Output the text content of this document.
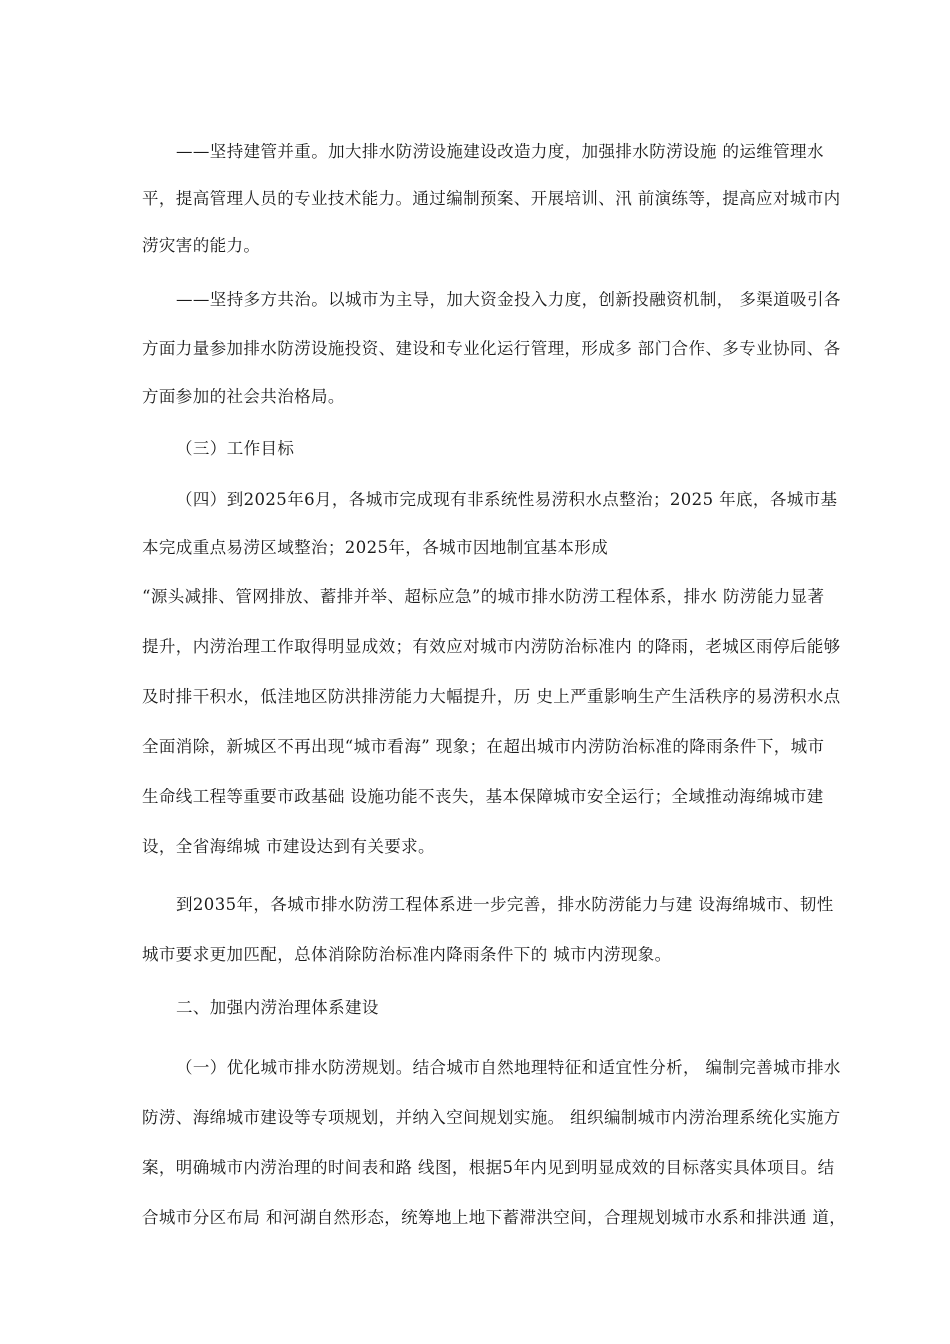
——坚持建管并重。加大排水防涝设施建设改造力度，加强排水防涝设施 的运维管理水
平，提高管理人员的专业技术能力。通过编制预案、开展培训、汛 前演练等，提高应对城市内
涝灾害的能力。
——坚持多方共治。以城市为主导，加大资金投入力度，创新投融资机制， 多渠道吸引各
方面力量参加排水防涝设施投资、建设和专业化运行管理，形成多 部门合作、多专业协同、各
方面参加的社会共治格局。
（三）工作目标
（四）到2025年6月，各城市完成现有非系统性易涝积水点整治；2025 年底，各城市基
本完成重点易涝区域整治；2025年，各城市因地制宜基本形成
“源头减排、管网排放、蓄排并举、超标应急”的城市排水防涝工程体系，排水 防涝能力显著
提升，内涝治理工作取得明显成效；有效应对城市内涝防治标准内 的降雨，老城区雨停后能够
及时排干积水，低洼地区防洪排涝能力大幅提升，历 史上严重影响生产生活秩序的易涝积水点
全面消除，新城区不再出现“城市看海” 现象；在超出城市内涝防治标准的降雨条件下，城市
生命线工程等重要市政基础 设施功能不丧失，基本保障城市安全运行；全域推动海绵城市建
设，全省海绵城 市建设达到有关要求。
到2035年，各城市排水防涝工程体系进一步完善，排水防涝能力与建 设海绵城市、韧性
城市要求更加匹配，总体消除防治标准内降雨条件下的 城市内涝现象。
二、加强内涝治理体系建设
（一）优化城市排水防涝规划。结合城市自然地理特征和适宜性分析， 编制完善城市排水
防涝、海绵城市建设等专项规划，并纳入空间规划实施。 组织编制城市内涝治理系统化实施方
案，明确城市内涝治理的时间表和路 线图，根据5年内见到明显成效的目标落实具体项目。结
合城市分区布局 和河湖自然形态，统筹地上地下蓄滞洪空间，合理规划城市水系和排洪通 道，
